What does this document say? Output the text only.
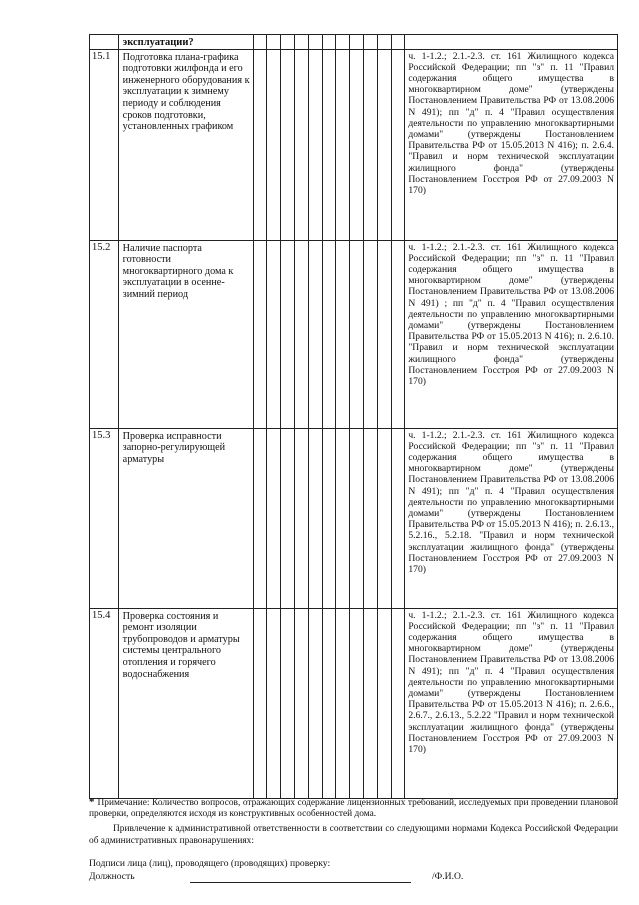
	эксплуатации?												
15.1	Подготовка плана-графика подготовки жилфонда и его инженерного оборудования к эксплуатации к зимнему периоду и соблюдения сроков подготовки, установленных графиком												ч. 1-1.2.; 2.1.-2.3. ст. 161 Жилищного кодекса Российской Федерации; пп "з" п. 11 "Правил содержания общего имущества в многоквартирном доме" (утверждены Постановлением Правительства РФ от 13.08.2006 N 491); пп "д" п. 4 "Правил осуществления деятельности по управлению многоквартирными домами" (утверждены Постановлением Правительства РФ от 15.05.2013 N 416); п. 2.6.4. "Правил и норм технической эксплуатации жилищного фонда" (утверждены Постановлением Госстроя РФ от 27.09.2003 N 170)
15.2	Наличие паспорта готовности многоквартирного дома к эксплуатации в осенне-зимний период												ч. 1-1.2.; 2.1.-2.3. ст. 161 Жилищного кодекса Российской Федерации; пп "з" п. 11 "Правил содержания общего имущества в многоквартирном доме" (утверждены Постановлением Правительства РФ от 13.08.2006 N 491) ; пп "д" п. 4 "Правил осуществления деятельности по управлению многоквартирными домами" (утверждены Постановлением Правительства РФ от 15.05.2013 N 416); п. 2.6.10. "Правил и норм технической эксплуатации жилищного фонда" (утверждены Постановлением Госстроя РФ от 27.09.2003 N 170)
15.3	Проверка исправности запорно-регулирующей арматуры												ч. 1-1.2.; 2.1.-2.3. ст. 161 Жилищного кодекса Российской Федерации; пп "з" п. 11 "Правил содержания общего имущества в многоквартирном доме" (утверждены Постановлением Правительства РФ от 13.08.2006 N 491); пп "д" п. 4 "Правил осуществления деятельности по управлению многоквартирными домами" (утверждены Постановлением Правительства РФ от 15.05.2013 N 416); п. 2.6.13., 5.2.16., 5.2.18. "Правил и норм технической эксплуатации жилищного фонда" (утверждены Постановлением Госстроя РФ от 27.09.2003 N 170)
15.4	Проверка состояния и ремонт изоляции трубопроводов и арматуры системы центрального отопления и горячего водоснабжения												ч. 1-1.2.; 2.1.-2.3. ст. 161 Жилищного кодекса Российской Федерации; пп "з" п. 11 "Правил содержания общего имущества в многоквартирном доме" (утверждены Постановлением Правительства РФ от 13.08.2006 N 491); пп "д" п. 4 "Правил осуществления деятельности по управлению многоквартирными домами" (утверждены Постановлением Правительства РФ от 15.05.2013 N 416); п. 2.6.6., 2.6.7., 2.6.13., 5.2.22 "Правил и норм технической эксплуатации жилищного фонда" (утверждены Постановлением Госстроя РФ от 27.09.2003 N 170)

* Примечание: Количество вопросов, отражающих содержание лицензионных требований, исследуемых при проведении плановой проверки, определяются исходя из конструктивных особенностей дома.

Привлечение к административной ответственности в соответствии со следующими нормами Кодекса Российской Федерации об административных правонарушениях:

Подписи лица (лиц), проводящего (проводящих) проверку:
Должность	/Ф.И.О.
